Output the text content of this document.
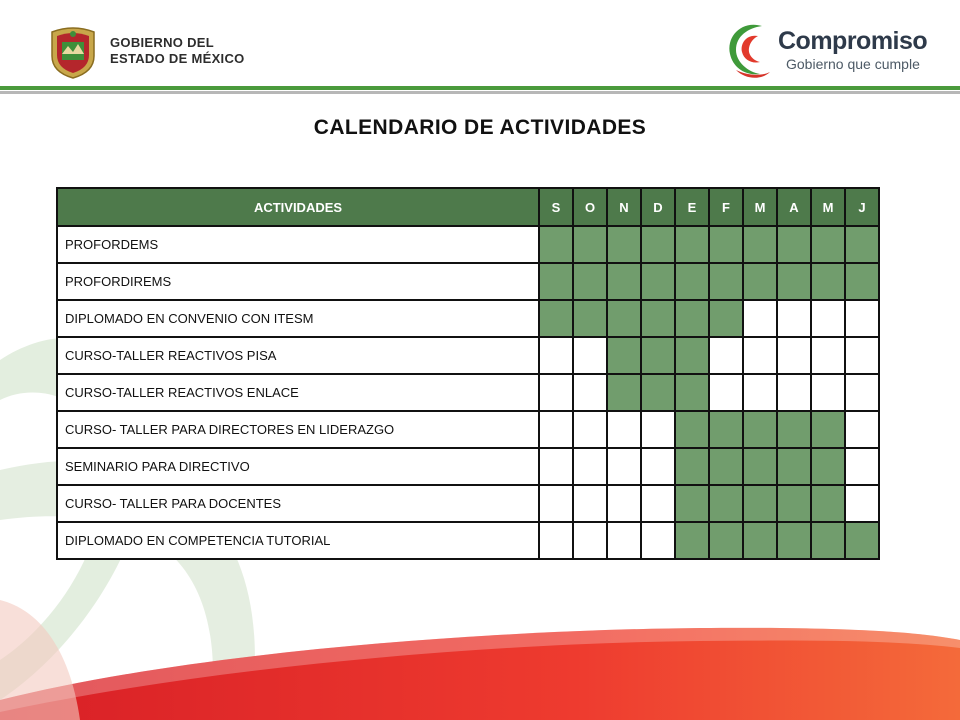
GOBIERNO DEL
ESTADO DE MÉXICO
Compromiso
Gobierno que cumple
CALENDARIO DE ACTIVIDADES
ACTIVIDADES	S	O	N	D	E	F	M	A	M	J
PROFORDEMS										
PROFORDIREMS										
DIPLOMADO EN CONVENIO CON ITESM										
CURSO-TALLER REACTIVOS PISA										
CURSO-TALLER REACTIVOS ENLACE										
CURSO- TALLER PARA DIRECTORES EN LIDERAZGO										
SEMINARIO PARA DIRECTIVO										
CURSO- TALLER PARA DOCENTES										
DIPLOMADO EN COMPETENCIA TUTORIAL										
